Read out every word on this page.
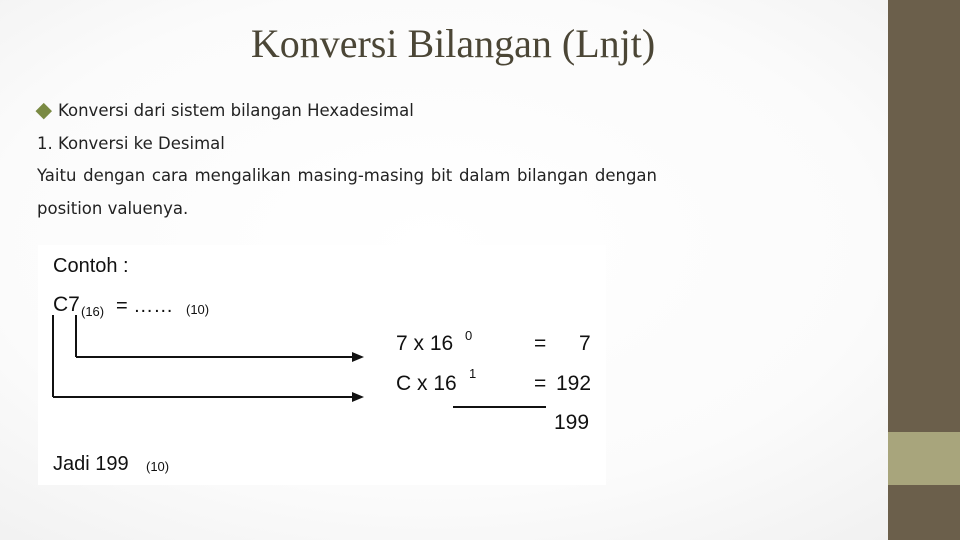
Konversi Bilangan (Lnjt)
Konversi dari sistem bilangan Hexadesimal
1. Konversi ke Desimal
Yaitu dengan cara mengalikan masing-masing bit dalam bilangan dengan position valuenya.
Contoh :
C7 (16) = …… (10)
7 x 16 0	= 7
C x 16 1	= 192
199
Jadi 199 (10)
